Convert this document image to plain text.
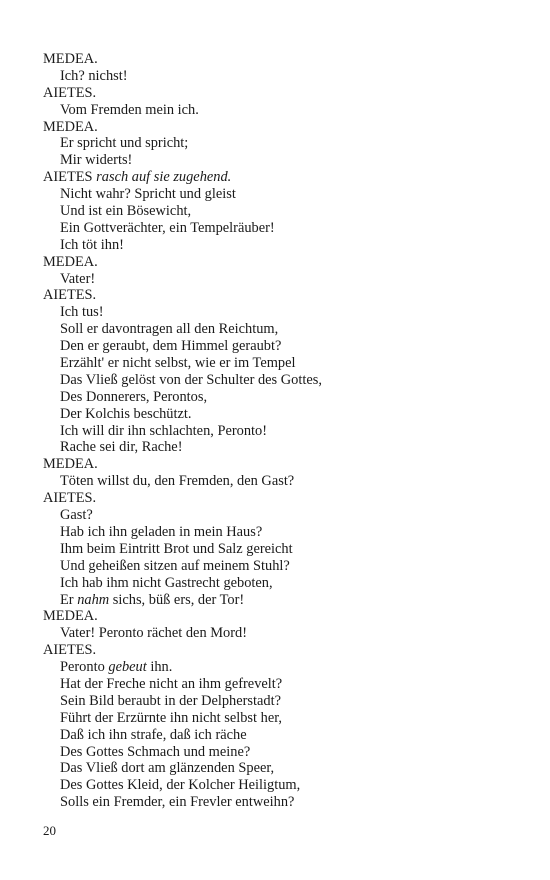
MEDEA.
Ich? nichst!
AIETES.
Vom Fremden mein ich.
MEDEA.
Er spricht und spricht;
Mir widerts!
AIETES rasch auf sie zugehend.
Nicht wahr? Spricht und gleist
Und ist ein Bösewicht,
Ein Gottverächter, ein Tempelräuber!
Ich töt ihn!
MEDEA.
Vater!
AIETES.
Ich tus!
Soll er davontragen all den Reichtum,
Den er geraubt, dem Himmel geraubt?
Erzählt' er nicht selbst, wie er im Tempel
Das Vließ gelöst von der Schulter des Gottes,
Des Donnerers, Perontos,
Der Kolchis beschützt.
Ich will dir ihn schlachten, Peronto!
Rache sei dir, Rache!
MEDEA.
Töten willst du, den Fremden, den Gast?
AIETES.
Gast?
Hab ich ihn geladen in mein Haus?
Ihm beim Eintritt Brot und Salz gereicht
Und geheißen sitzen auf meinem Stuhl?
Ich hab ihm nicht Gastrecht geboten,
Er nahm sichs, büß ers, der Tor!
MEDEA.
Vater! Peronto rächet den Mord!
AIETES.
Peronto gebeut ihn.
Hat der Freche nicht an ihm gefrevelt?
Sein Bild beraubt in der Delpherstadt?
Führt der Erzürnte ihn nicht selbst her,
Daß ich ihn strafe, daß ich räche
Des Gottes Schmach und meine?
Das Vließ dort am glänzenden Speer,
Des Gottes Kleid, der Kolcher Heiligtum,
Solls ein Fremder, ein Frevler entweihn?
20
